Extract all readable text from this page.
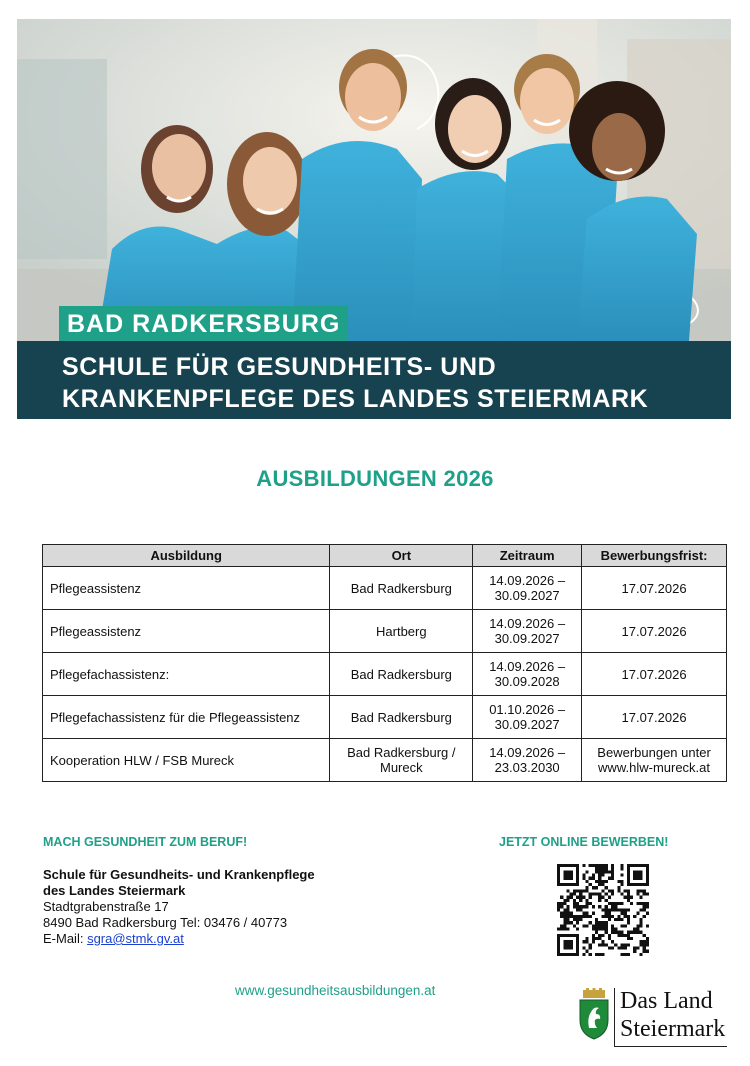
BAD RADKERSBURG
SCHULE FÜR GESUNDHEITS- UND
KRANKENPFLEGE DES LANDES STEIERMARK
AUSBILDUNGEN 2026
Ausbildung	Ort	Zeitraum	Bewerbungsfrist:
Pflegeassistenz	Bad Radkersburg	14.09.2026 –
30.09.2027	17.07.2026
Pflegeassistenz	Hartberg	14.09.2026 –
30.09.2027	17.07.2026
Pflegefachassistenz:	Bad Radkersburg	14.09.2026 –
30.09.2028	17.07.2026
Pflegefachassistenz für die Pflegeassistenz	Bad Radkersburg	01.10.2026 –
30.09.2027	17.07.2026
Kooperation HLW / FSB Mureck	Bad Radkersburg / Mureck	14.09.2026 –
23.03.2030	Bewerbungen unter
www.hlw-mureck.at
MACH GESUNDHEIT ZUM BERUF!	JETZT ONLINE BEWERBEN!
Schule für Gesundheits- und Krankenpflege
des Landes Steiermark
Stadtgrabenstraße 17
8490 Bad Radkersburg Tel: 03476 / 40773
E-Mail: sgra@stmk.gv.at
www.gesundheitsausbildungen.at	Das Land
Steiermark
